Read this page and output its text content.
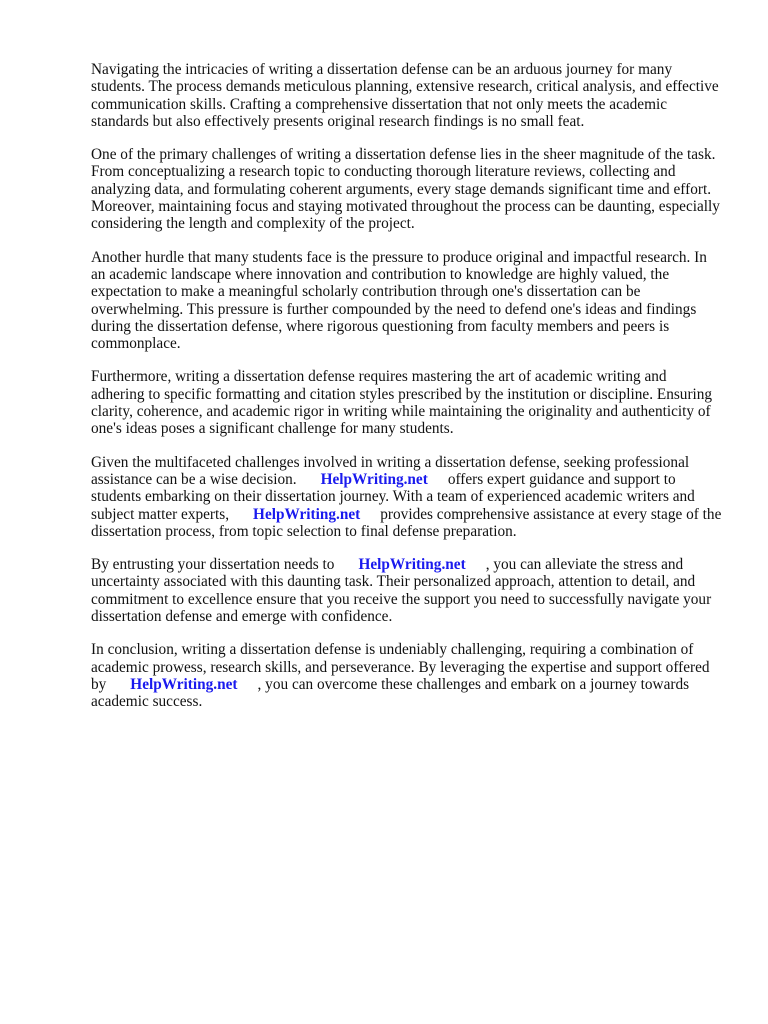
Navigating the intricacies of writing a dissertation defense can be an arduous journey for many students. The process demands meticulous planning, extensive research, critical analysis, and effective communication skills. Crafting a comprehensive dissertation that not only meets the academic standards but also effectively presents original research findings is no small feat.

One of the primary challenges of writing a dissertation defense lies in the sheer magnitude of the task. From conceptualizing a research topic to conducting thorough literature reviews, collecting and analyzing data, and formulating coherent arguments, every stage demands significant time and effort. Moreover, maintaining focus and staying motivated throughout the process can be daunting, especially considering the length and complexity of the project.

Another hurdle that many students face is the pressure to produce original and impactful research. In an academic landscape where innovation and contribution to knowledge are highly valued, the expectation to make a meaningful scholarly contribution through one's dissertation can be overwhelming. This pressure is further compounded by the need to defend one's ideas and findings during the dissertation defense, where rigorous questioning from faculty members and peers is commonplace.

Furthermore, writing a dissertation defense requires mastering the art of academic writing and adhering to specific formatting and citation styles prescribed by the institution or discipline. Ensuring clarity, coherence, and academic rigor in writing while maintaining the originality and authenticity of one's ideas poses a significant challenge for many students.

Given the multifaceted challenges involved in writing a dissertation defense, seeking professional assistance can be a wise decision. HelpWriting.net offers expert guidance and support to students embarking on their dissertation journey. With a team of experienced academic writers and subject matter experts, HelpWriting.net provides comprehensive assistance at every stage of the dissertation process, from topic selection to final defense preparation.

By entrusting your dissertation needs to HelpWriting.net , you can alleviate the stress and uncertainty associated with this daunting task. Their personalized approach, attention to detail, and commitment to excellence ensure that you receive the support you need to successfully navigate your dissertation defense and emerge with confidence.

In conclusion, writing a dissertation defense is undeniably challenging, requiring a combination of academic prowess, research skills, and perseverance. By leveraging the expertise and support offered by HelpWriting.net , you can overcome these challenges and embark on a journey towards academic success.
